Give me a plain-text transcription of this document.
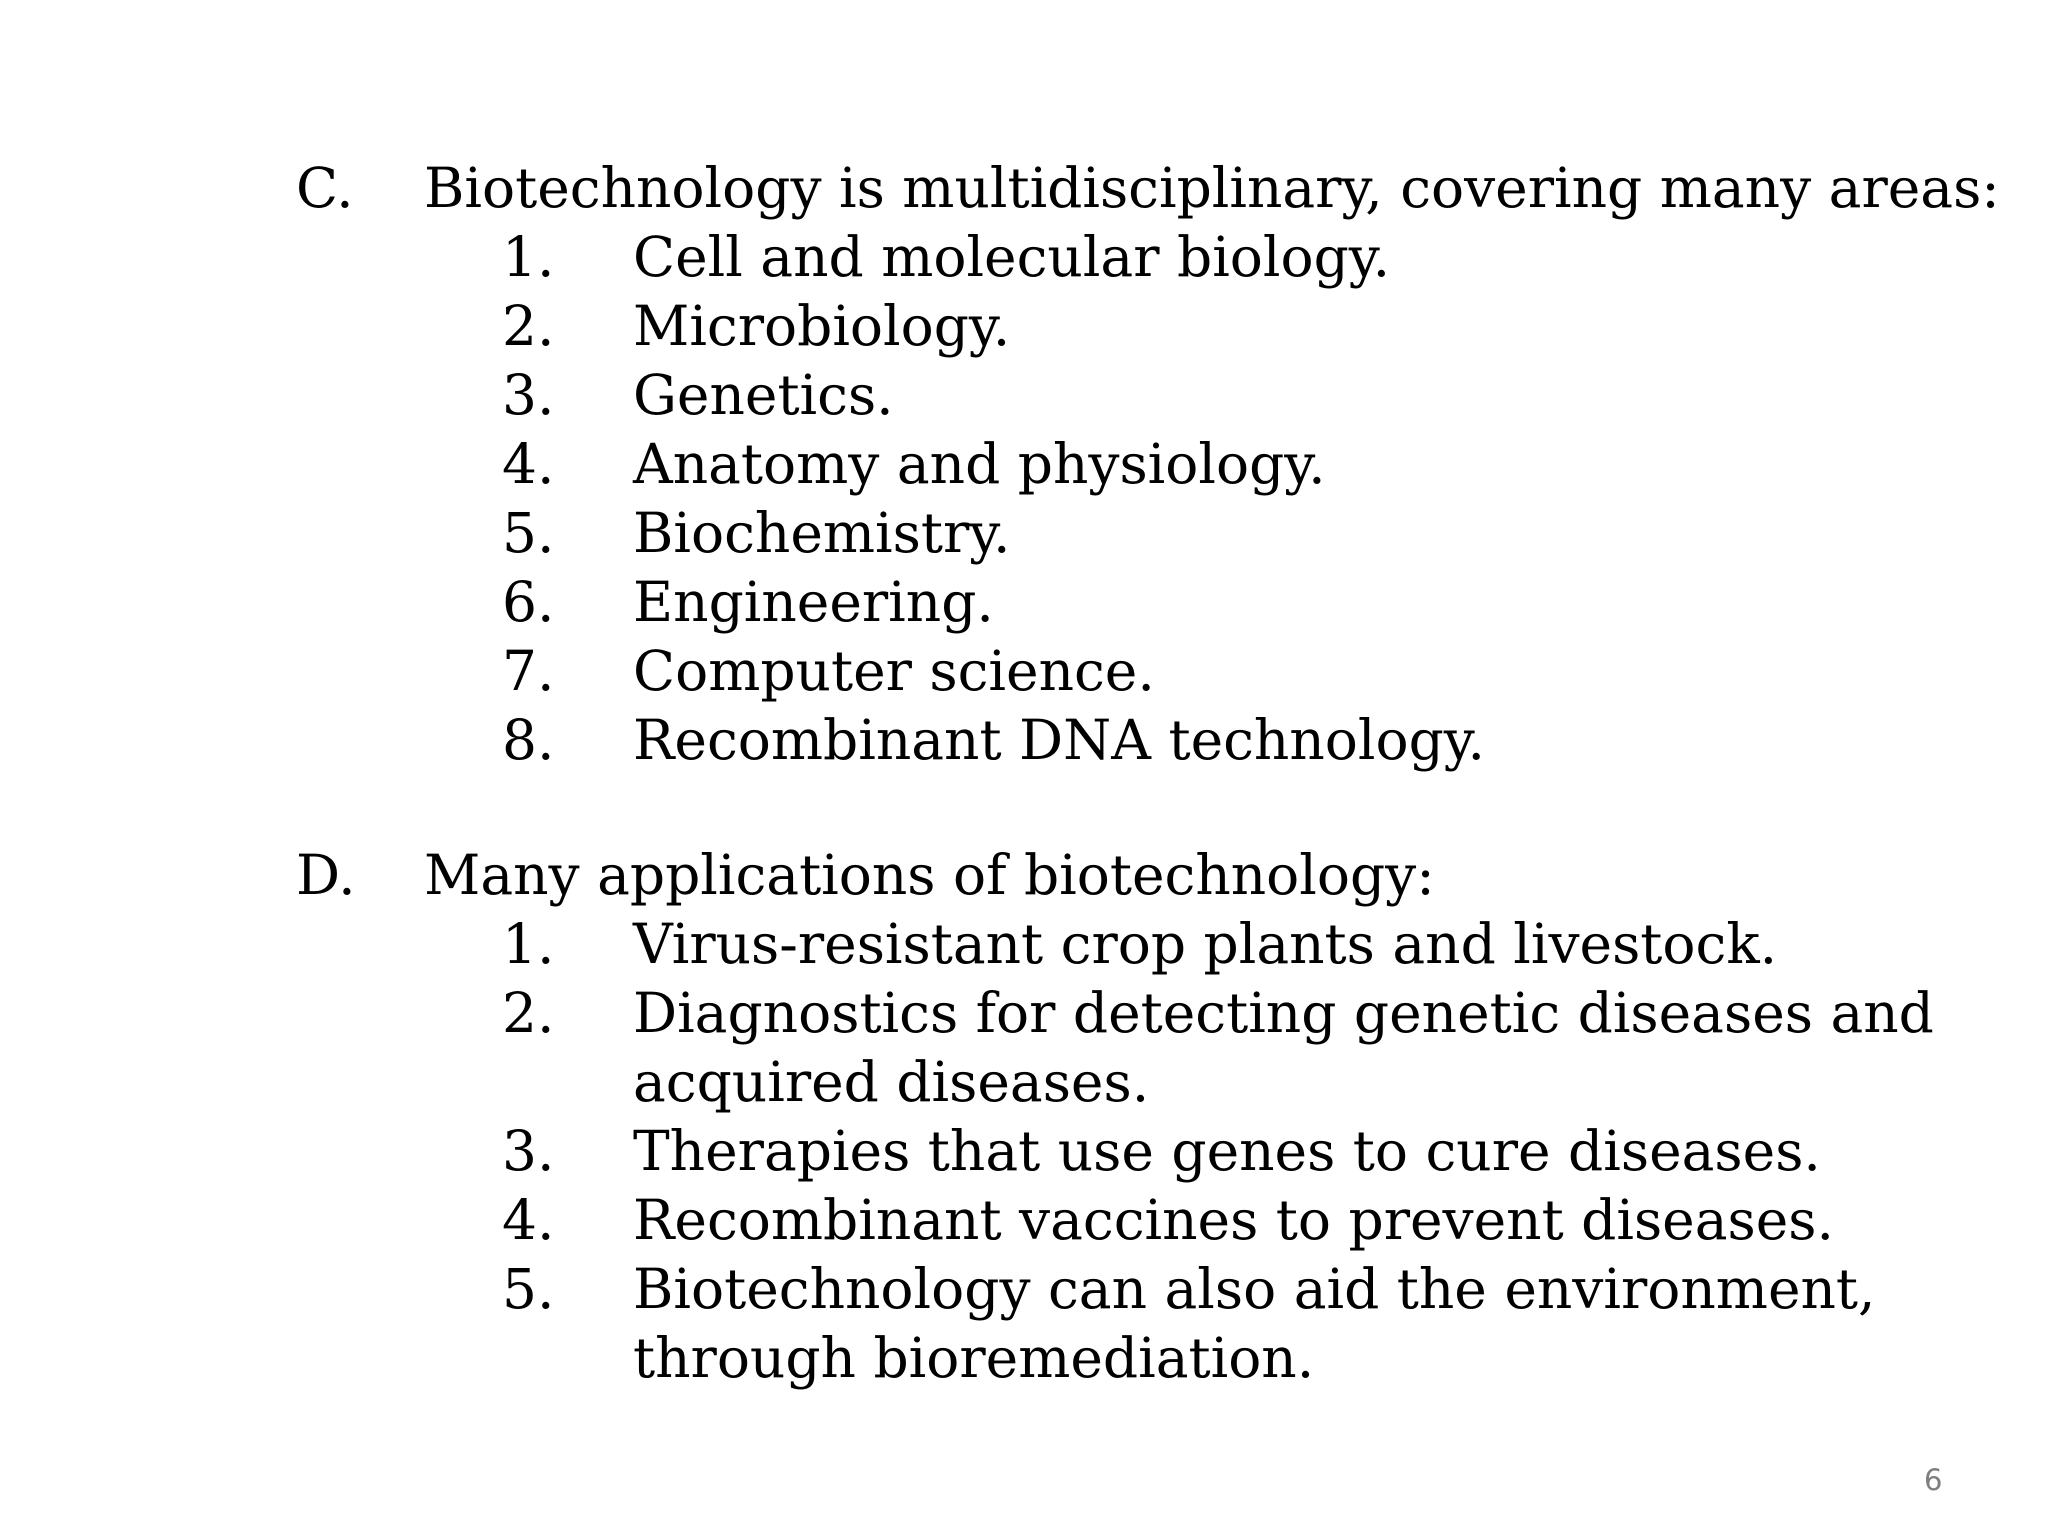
C. Biotechnology is multidisciplinary, covering many areas:
1. Cell and molecular biology.
2. Microbiology.
3. Genetics.
4. Anatomy and physiology.
5. Biochemistry.
6. Engineering.
7. Computer science.
8. Recombinant DNA technology.
D. Many applications of biotechnology:
1. Virus-resistant crop plants and livestock.
2. Diagnostics for detecting genetic diseases and
acquired diseases.
3. Therapies that use genes to cure diseases.
4. Recombinant vaccines to prevent diseases.
5. Biotechnology can also aid the environment,
through bioremediation.
6
